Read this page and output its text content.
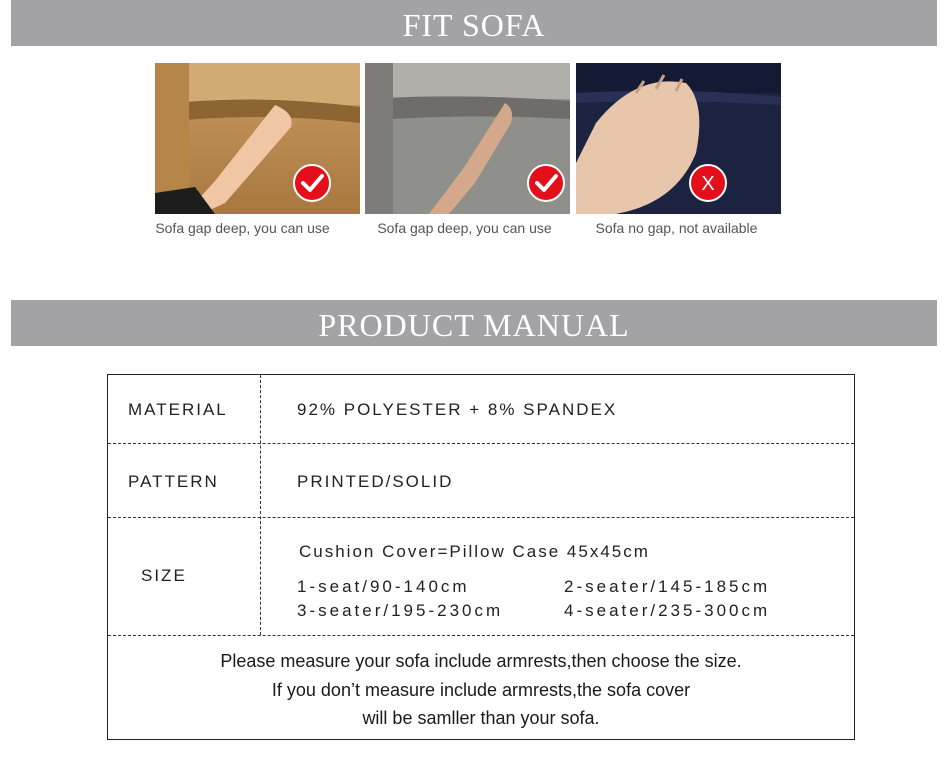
FIT SOFA
X
Sofa gap deep, you can use	Sofa gap deep, you can use	Sofa no gap, not available
PRODUCT MANUAL
MATERIAL	92% POLYESTER + 8% SPANDEX
PATTERN	PRINTED/SOLID
SIZE
Cushion Cover=Pillow Case 45x45cm
1-seat/90-140cm	2-seater/145-185cm
3-seater/195-230cm	4-seater/235-300cm
Please measure your sofa include armrests,then choose the size.
If you don’t measure include armrests,the sofa cover
will be samller than your sofa.
